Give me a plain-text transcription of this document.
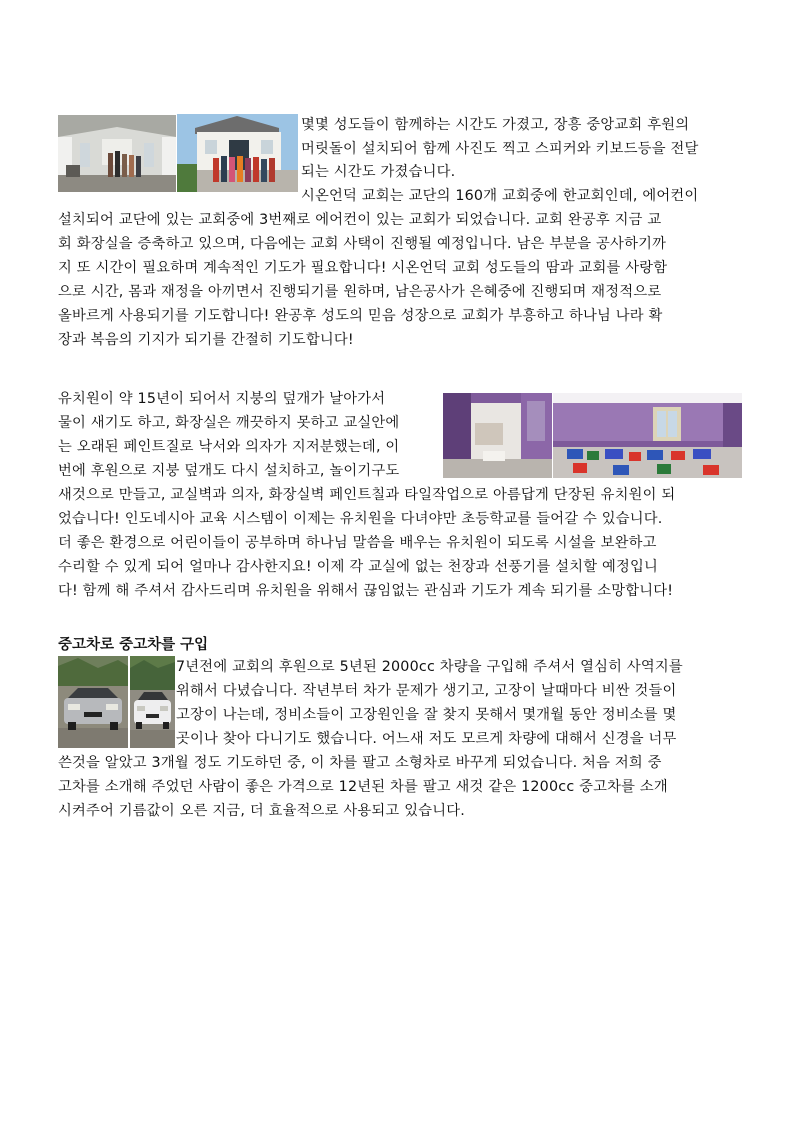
몇몇 성도들이 함께하는 시간도 가졌고, 장흥 중앙교회 후원의
머릿돌이 설치되어 함께 사진도 찍고 스피커와 키보드등을 전달
되는 시간도 가졌습니다.
시온언덕 교회는 교단의 160개 교회중에 한교회인데, 에어컨이
설치되어 교단에 있는 교회중에 3번째로 에어컨이 있는 교회가 되었습니다. 교회 완공후 지금 교
회 화장실을 증축하고 있으며, 다음에는 교회 사택이 진행될 예정입니다. 남은 부분을 공사하기까
지 또 시간이 필요하며 계속적인 기도가 필요합니다! 시온언덕 교회 성도들의 땀과 교회를 사랑함
으로 시간, 몸과 재정을 아끼면서 진행되기를 원하며, 남은공사가 은혜중에 진행되며 재정적으로
올바르게 사용되기를 기도합니다! 완공후 성도의 믿음 성장으로 교회가 부흥하고 하나님 나라 확
장과 복음의 기지가 되기를 간절히 기도합니다!
유치원이 약 15년이 되어서 지붕의 덮개가 날아가서
물이 새기도 하고, 화장실은 깨끗하지 못하고 교실안에
는 오래된 페인트질로 낙서와 의자가 지저분했는데, 이
번에 후원으로 지붕 덮개도 다시 설치하고, 놀이기구도
새것으로 만들고, 교실벽과 의자, 화장실벽 페인트칠과 타일작업으로 아름답게 단장된 유치원이 되
었습니다! 인도네시아 교육 시스템이 이제는 유치원을 다녀야만 초등학교를 들어갈 수 있습니다.
더 좋은 환경으로 어린이들이 공부하며 하나님 말씀을 배우는 유치원이 되도록 시설을 보완하고
수리할 수 있게 되어 얼마나 감사한지요! 이제 각 교실에 없는 천장과 선풍기를 설치할 예정입니
다! 함께 해 주셔서 감사드리며 유치원을 위해서 끊임없는 관심과 기도가 계속 되기를 소망합니다!
중고차로 중고차를 구입
7년전에 교회의 후원으로 5년된 2000cc 차량을 구입해 주셔서 열심히 사역지를
위해서 다녔습니다. 작년부터 차가 문제가 생기고, 고장이 날때마다 비싼 것들이
고장이 나는데, 정비소들이 고장원인을 잘 찾지 못해서 몇개월 동안 정비소를 몇
곳이나 찾아 다니기도 했습니다. 어느새 저도 모르게 차량에 대해서 신경을 너무
쓴것을 알았고 3개월 정도 기도하던 중, 이 차를 팔고 소형차로 바꾸게 되었습니다. 처음 저희 중
고차를 소개해 주었던 사람이 좋은 가격으로 12년된 차를 팔고 새것 같은 1200cc 중고차를 소개
시켜주어 기름값이 오른 지금, 더 효율적으로 사용되고 있습니다.
